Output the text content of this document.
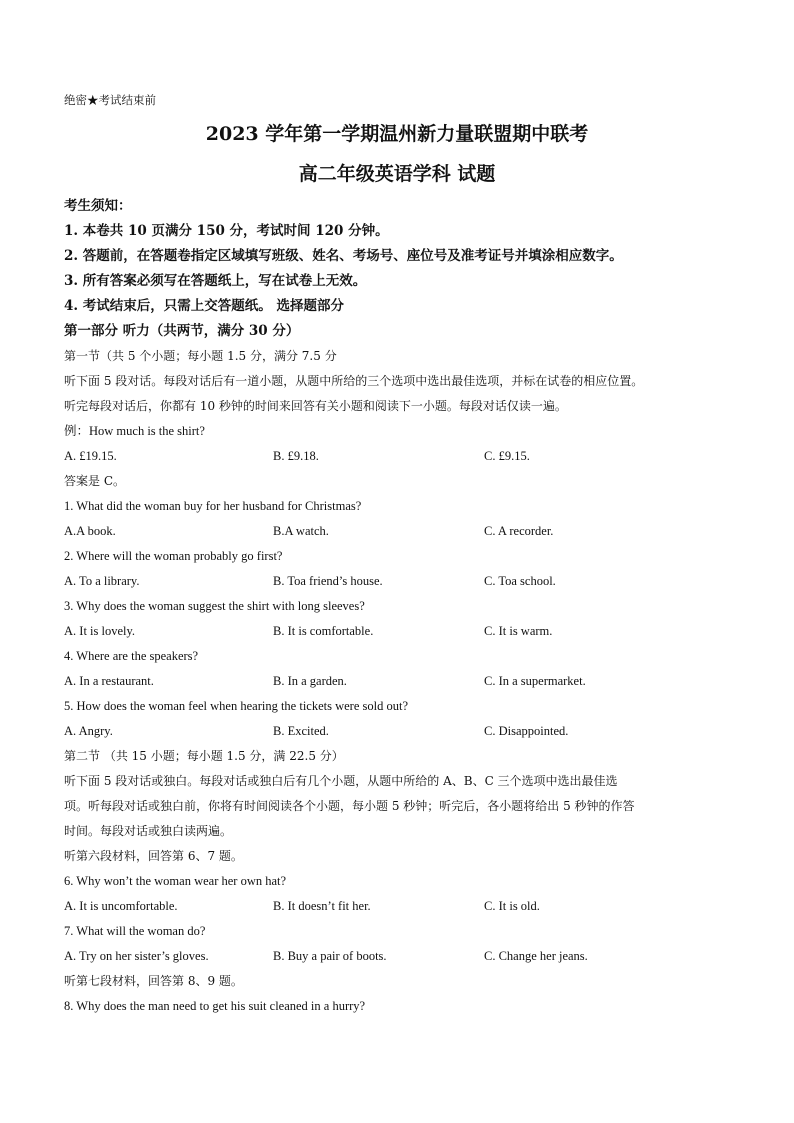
绝密★考试结束前
2023 学年第一学期温州新力量联盟期中联考
高二年级英语学科 试题
考生须知：
1. 本卷共 10 页满分 150 分，考试时间 120 分钟。
2. 答题前，在答题卷指定区域填写班级、姓名、考场号、座位号及准考证号并填涂相应数字。
3. 所有答案必须写在答题纸上，写在试卷上无效。
4. 考试结束后，只需上交答题纸。 选择题部分
第一部分 听力（共两节，满分 30 分）
第一节（共 5 个小题；每小题 1.5 分，满分 7.5 分
听下面 5 段对话。每段对话后有一道小题，从题中所给的三个选项中选出最佳选项，并标在试卷的相应位置。
听完每段对话后，你都有 10 秒钟的时间来回答有关小题和阅读下一小题。每段对话仅读一遍。
例：How much is the shirt?
A. £19.15.	B. £9.18.	C. £9.15.
答案是 C。
1. What did the woman buy for her husband for Christmas?
A.A book.	B.A watch.	C. A recorder.
2. Where will the woman probably go first?
A. To a library.	B. Toa friend’s house.	C. Toa school.
3. Why does the woman suggest the shirt with long sleeves?
A. It is lovely.	B. It is comfortable.	C. It is warm.
4. Where are the speakers?
A. In a restaurant.	B. In a garden.	C. In a supermarket.
5. How does the woman feel when hearing the tickets were sold out?
A. Angry.	B. Excited.	C. Disappointed.
第二节 （共 15 小题；每小题 1.5 分，满 22.5 分）
听下面 5 段对话或独白。每段对话或独白后有几个小题，从题中所给的 A、B、C 三个选项中选出最佳选
项。听每段对话或独白前，你将有时间阅读各个小题，每小题 5 秒钟；听完后，各小题将给出 5 秒钟的作答
时间。每段对话或独白读两遍。
听第六段材料，回答第 6、7 题。
6. Why won’t the woman wear her own hat?
A. It is uncomfortable.	B. It doesn’t fit her.	C. It is old.
7. What will the woman do?
A. Try on her sister’s gloves.	B. Buy a pair of boots.	C. Change her jeans.
听第七段材料，回答第 8、9 题。
8. Why does the man need to get his suit cleaned in a hurry?
